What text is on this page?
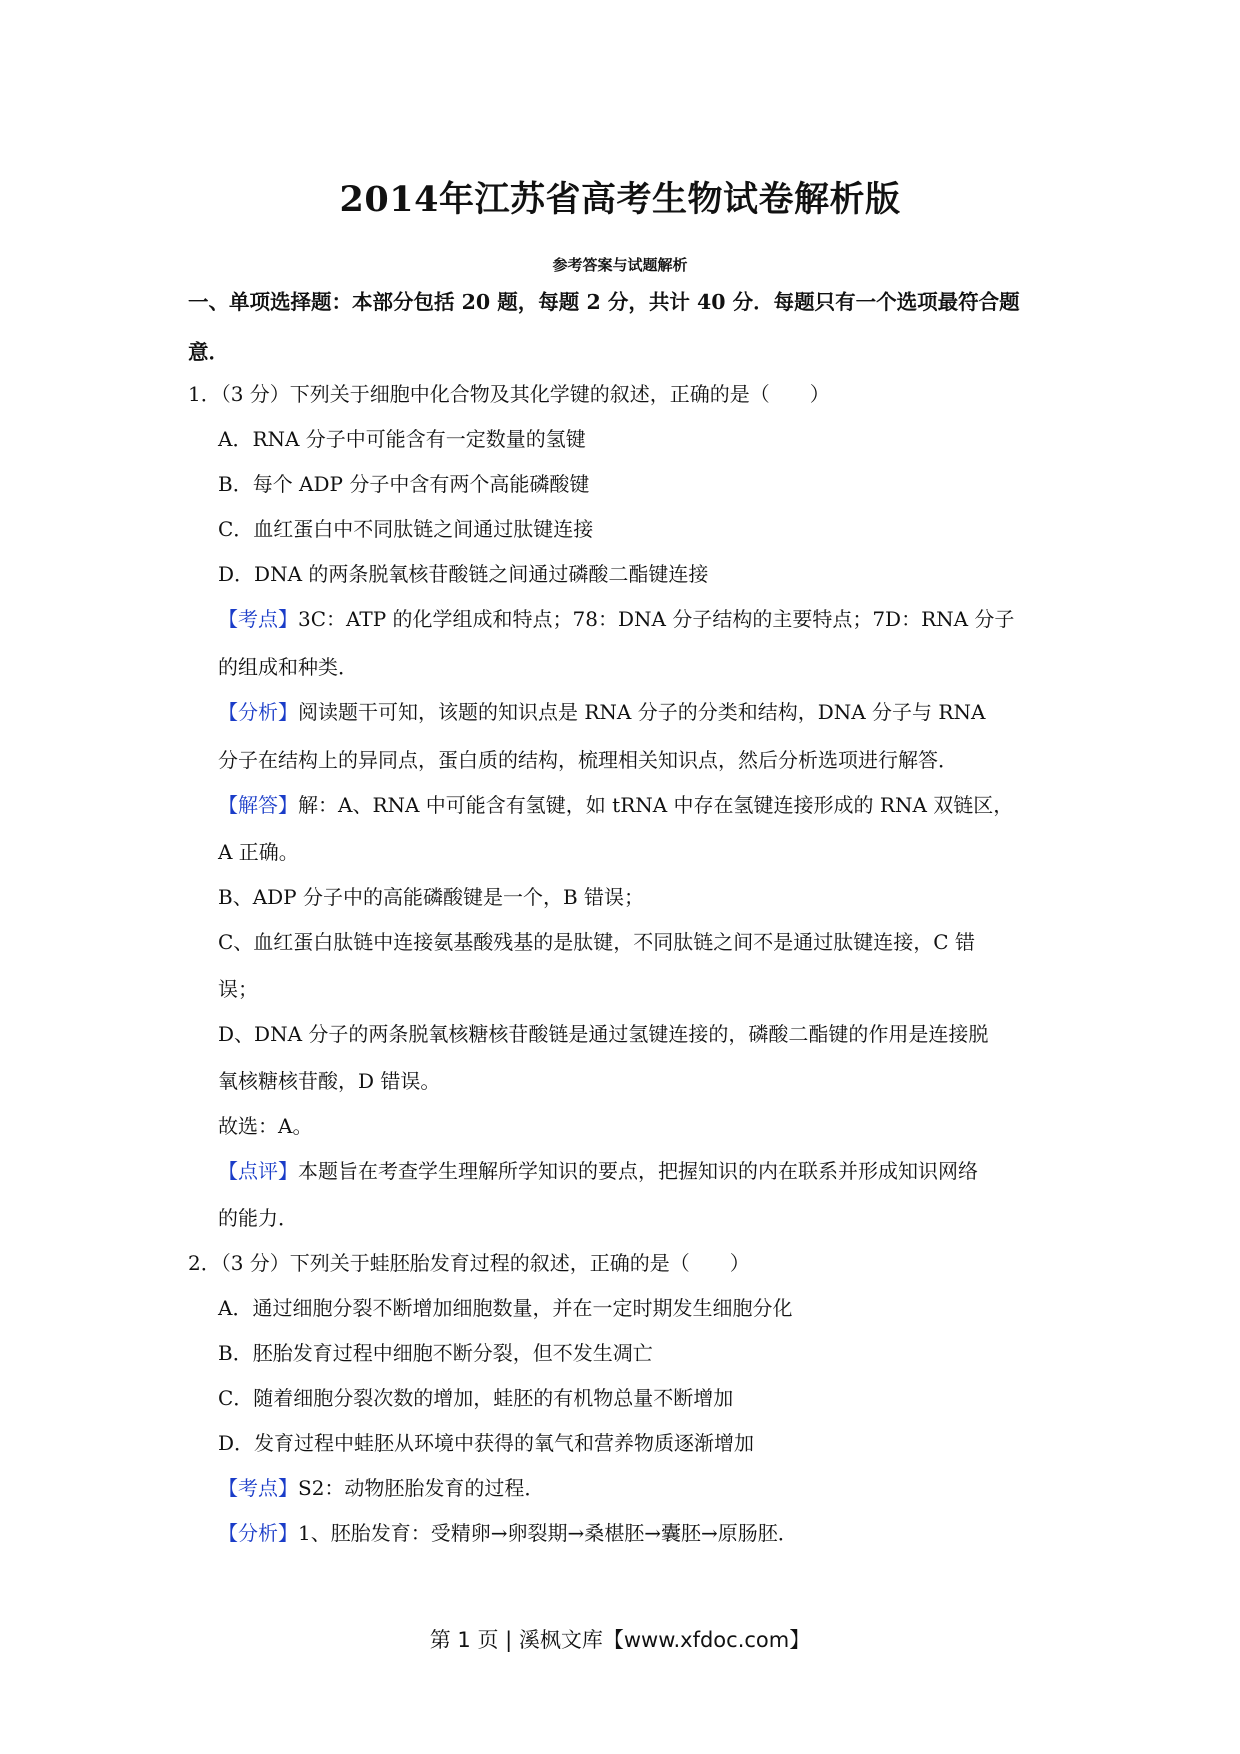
2014年江苏省高考生物试卷解析版
参考答案与试题解析
一、单项选择题：本部分包括 20 题，每题 2 分，共计 40 分．每题只有一个选项最符合题
意．
1．（3 分）下列关于细胞中化合物及其化学键的叙述，正确的是（　　）
A．RNA 分子中可能含有一定数量的氢键
B．每个 ADP 分子中含有两个高能磷酸键
C．血红蛋白中不同肽链之间通过肽键连接
D．DNA 的两条脱氧核苷酸链之间通过磷酸二酯键连接
【考点】3C：ATP 的化学组成和特点；78：DNA 分子结构的主要特点；7D：RNA 分子
的组成和种类．
【分析】阅读题干可知，该题的知识点是 RNA 分子的分类和结构，DNA 分子与 RNA
分子在结构上的异同点，蛋白质的结构，梳理相关知识点，然后分析选项进行解答．
【解答】解：A、RNA 中可能含有氢键，如 tRNA 中存在氢键连接形成的 RNA 双链区，
A 正确。
B、ADP 分子中的高能磷酸键是一个，B 错误；
C、血红蛋白肽链中连接氨基酸残基的是肽键，不同肽链之间不是通过肽键连接，C 错
误；
D、DNA 分子的两条脱氧核糖核苷酸链是通过氢键连接的，磷酸二酯键的作用是连接脱
氧核糖核苷酸，D 错误。
故选：A。
【点评】本题旨在考查学生理解所学知识的要点，把握知识的内在联系并形成知识网络
的能力．
2．（3 分）下列关于蛙胚胎发育过程的叙述，正确的是（　　）
A．通过细胞分裂不断增加细胞数量，并在一定时期发生细胞分化
B．胚胎发育过程中细胞不断分裂，但不发生凋亡
C．随着细胞分裂次数的增加，蛙胚的有机物总量不断增加
D．发育过程中蛙胚从环境中获得的氧气和营养物质逐渐增加
【考点】S2：动物胚胎发育的过程．
【分析】1、胚胎发育：受精卵→卵裂期→桑椹胚→囊胚→原肠胚．
第 1 页 | 溪枫文库【www.xfdoc.com】
